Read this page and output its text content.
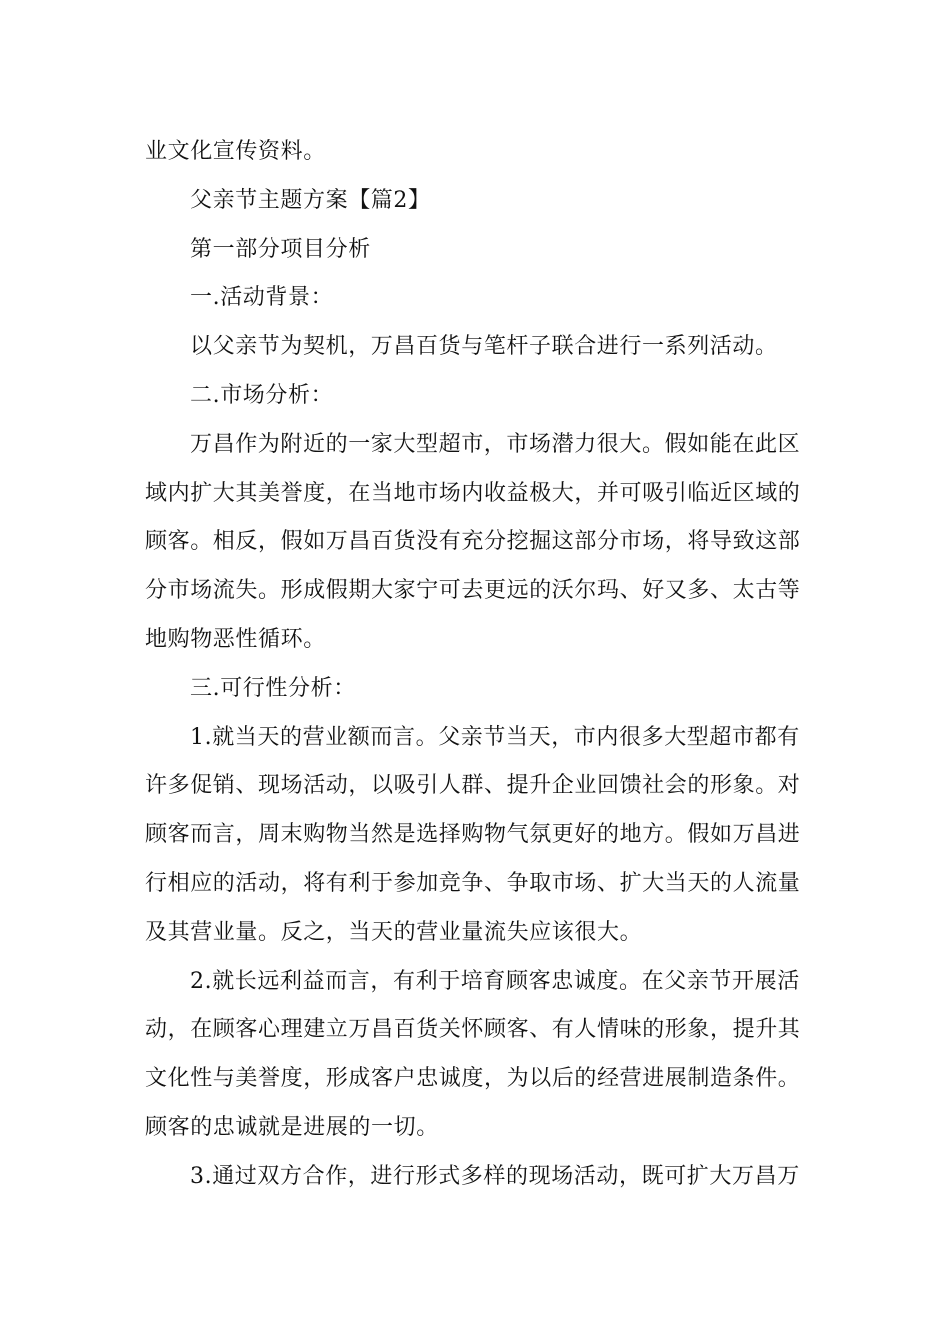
业文化宣传资料。
父亲节主题方案【篇2】
第一部分项目分析
一.活动背景：
以父亲节为契机，万昌百货与笔杆子联合进行一系列活动。
二.市场分析：
万昌作为附近的一家大型超市，市场潜力很大。假如能在此区
域内扩大其美誉度，在当地市场内收益极大，并可吸引临近区域的
顾客。相反，假如万昌百货没有充分挖掘这部分市场，将导致这部
分市场流失。形成假期大家宁可去更远的沃尔玛、好又多、太古等
地购物恶性循环。
三.可行性分析：
1.就当天的营业额而言。父亲节当天，市内很多大型超市都有
许多促销、现场活动，以吸引人群、提升企业回馈社会的形象。对
顾客而言，周末购物当然是选择购物气氛更好的地方。假如万昌进
行相应的活动，将有利于参加竞争、争取市场、扩大当天的人流量
及其营业量。反之，当天的营业量流失应该很大。
2.就长远利益而言，有利于培育顾客忠诚度。在父亲节开展活
动，在顾客心理建立万昌百货关怀顾客、有人情味的形象，提升其
文化性与美誉度，形成客户忠诚度，为以后的经营进展制造条件。
顾客的忠诚就是进展的一切。
3.通过双方合作，进行形式多样的现场活动，既可扩大万昌万
